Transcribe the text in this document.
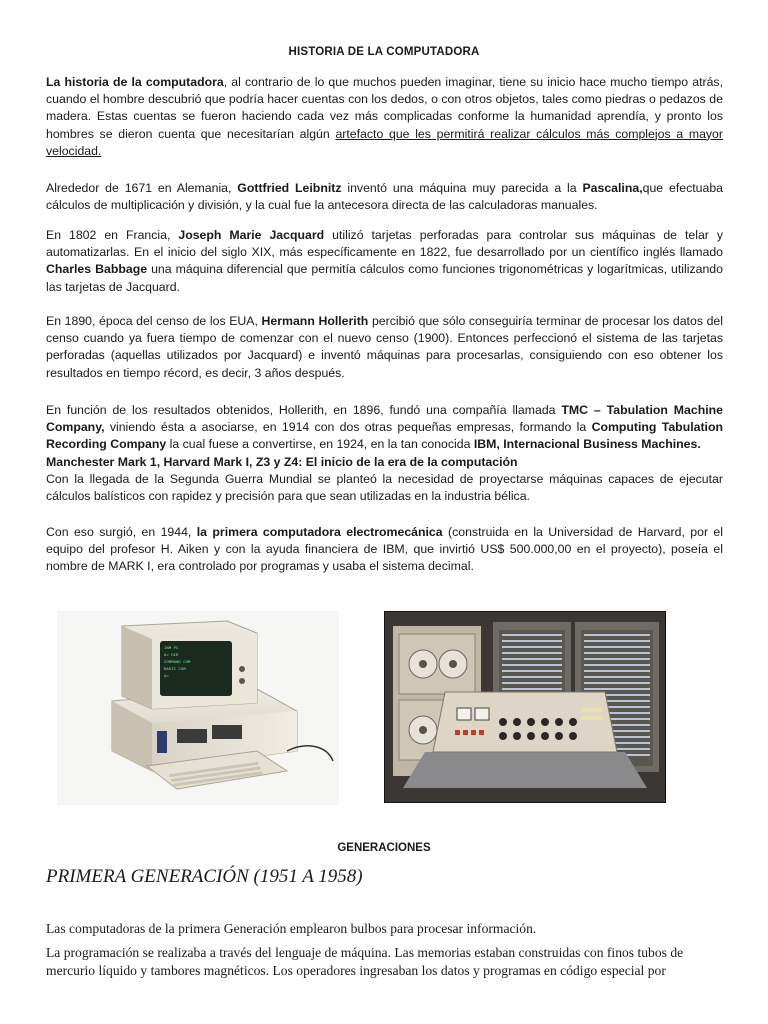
HISTORIA DE LA COMPUTADORA
La historia de la computadora, al contrario de lo que muchos pueden imaginar, tiene su inicio hace mucho tiempo atrás, cuando el hombre descubrió que podría hacer cuentas con los dedos, o con otros objetos, tales como piedras o pedazos de madera. Estas cuentas se fueron haciendo cada vez más complicadas conforme la humanidad aprendía, y pronto los hombres se dieron cuenta que necesitarían algún artefacto que les permitirá realizar cálculos más complejos a mayor velocidad.
Alrededor de 1671 en Alemania, Gottfried Leibnitz inventó una máquina muy parecida a la Pascalina,que efectuaba cálculos de multiplicación y división, y la cual fue la antecesora directa de las calculadoras manuales.
En 1802 en Francia, Joseph Marie Jacquard utilizó tarjetas perforadas para controlar sus máquinas de telar y automatizarlas. En el inicio del siglo XIX, más específicamente en 1822, fue desarrollado por un científico inglés llamado Charles Babbage una máquina diferencial que permitía cálculos como funciones trigonométricas y logarítmicas, utilizando las tarjetas de Jacquard.
En 1890, época del censo de los EUA, Hermann Hollerith percibió que sólo conseguiría terminar de procesar los datos del censo cuando ya fuera tiempo de comenzar con el nuevo censo (1900). Entonces perfeccionó el sistema de las tarjetas perforadas (aquellas utilizados por Jacquard) e inventó máquinas para procesarlas, consiguiendo con eso obtener los resultados en tiempo récord, es decir, 3 años después.
En función de los resultados obtenidos, Hollerith, en 1896, fundó una compañía llamada TMC – Tabulation Machine Company, viniendo ésta a asociarse, en 1914 con dos otras pequeñas empresas, formando la Computing Tabulation Recording Company la cual fuese a convertirse, en 1924, en la tan conocida IBM, Internacional Business Machines.
Manchester Mark 1, Harvard Mark I, Z3 y Z4: El inicio de la era de la computación
Con la llegada de la Segunda Guerra Mundial se planteó la necesidad de proyectarse máquinas capaces de ejecutar cálculos balísticos con rapidez y precisión para que sean utilizadas en la industria bélica.
Con eso surgió, en 1944, la primera computadora electromecánica (construida en la Universidad de Harvard, por el equipo del profesor H. Aiken y con la ayuda financiera de IBM, que invirtió US$ 500.000,00 en el proyecto), poseía el nombre de MARK I, era controlado por programas y usaba el sistema decimal.
IBM PC
A> DIR
COMMAND COM
BASIC COM
A>
GENERACIONES
PRIMERA GENERACIÓN (1951 A 1958)
Las computadoras de la primera Generación emplearon bulbos para procesar información.
La programación se realizaba a través del lenguaje de máquina. Las memorias estaban construidas con finos tubos de mercurio líquido y tambores magnéticos. Los operadores ingresaban los datos y programas en código especial por
